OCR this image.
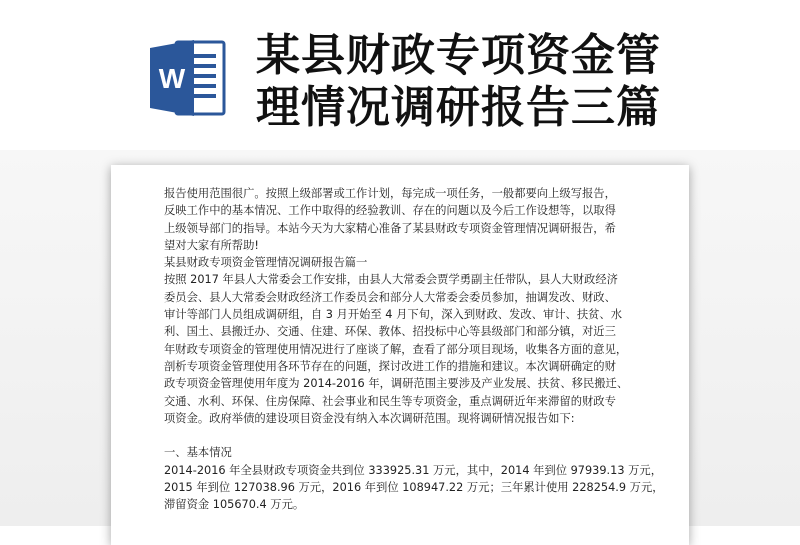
W 某县财政专项资金管
理情况调研报告三篇

报告使用范围很广。按照上级部署或工作计划，每完成一项任务，一般都要向上级写报告，

反映工作中的基本情况、工作中取得的经验教训、存在的问题以及今后工作设想等，以取得

上级领导部门的指导。本站今天为大家精心准备了某县财政专项资金管理情况调研报告，希

望对大家有所帮助!

某县财政专项资金管理情况调研报告篇一

按照 2017 年县人大常委会工作安排，由县人大常委会贾学勇副主任带队，县人大财政经济

委员会、县人大常委会财政经济工作委员会和部分人大常委会委员参加，抽调发改、财政、

审计等部门人员组成调研组，自 3 月开始至 4 月下旬，深入到财政、发改、审计、扶贫、水

利、国土、县搬迁办、交通、住建、环保、教体、招投标中心等县级部门和部分镇，对近三

年财政专项资金的管理使用情况进行了座谈了解，查看了部分项目现场，收集各方面的意见，

剖析专项资金管理使用各环节存在的问题，探讨改进工作的措施和建议。本次调研确定的财

政专项资金管理使用年度为 2014-2016 年，调研范围主要涉及产业发展、扶贫、移民搬迁、

交通、水利、环保、住房保障、社会事业和民生等专项资金，重点调研近年来滞留的财政专

项资金。政府举债的建设项目资金没有纳入本次调研范围。现将调研情况报告如下:

一、基本情况

2014-2016 年全县财政专项资金共到位 333925.31 万元，其中，2014 年到位 97939.13 万元，

2015 年到位 127038.96 万元，2016 年到位 108947.22 万元；三年累计使用 228254.9 万元，

滞留资金 105670.4 万元。
